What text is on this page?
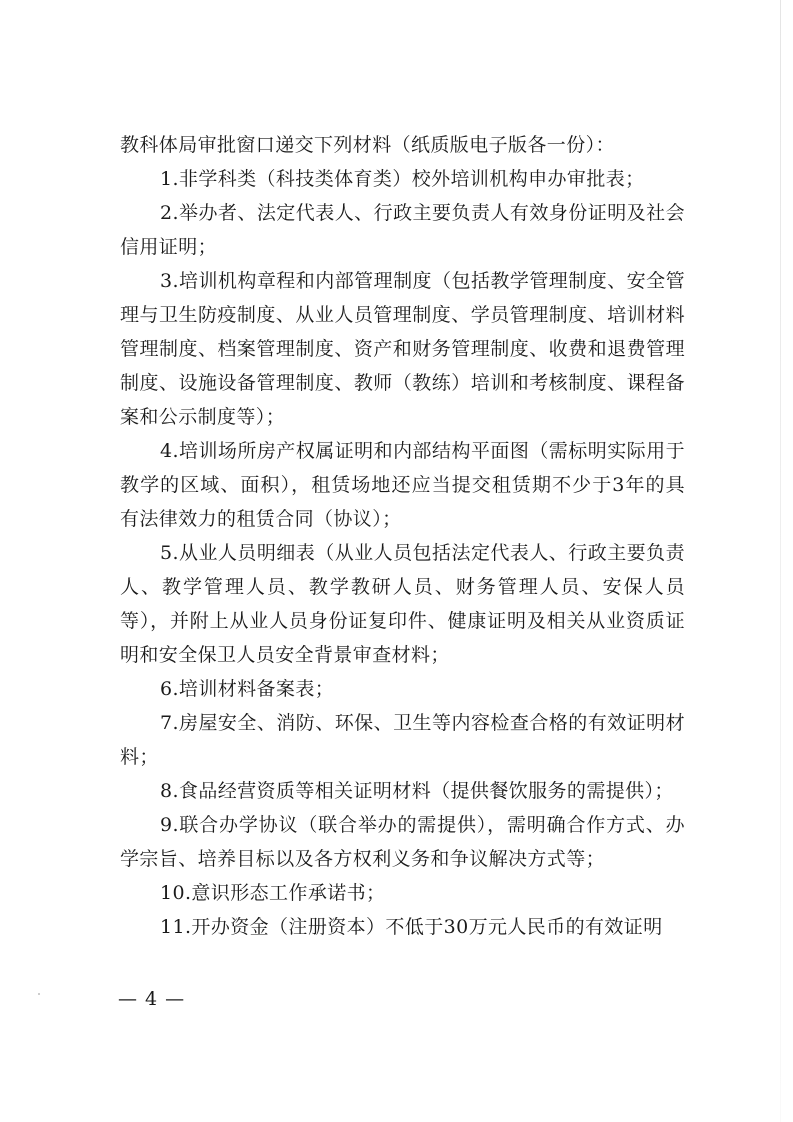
教科体局审批窗口递交下列材料（纸质版电子版各一份）：

1.非学科类（科技类体育类）校外培训机构申办审批表；

2.举办者、法定代表人、行政主要负责人有效身份证明及社会信用证明；

3.培训机构章程和内部管理制度（包括教学管理制度、安全管理与卫生防疫制度、从业人员管理制度、学员管理制度、培训材料管理制度、档案管理制度、资产和财务管理制度、收费和退费管理制度、设施设备管理制度、教师（教练）培训和考核制度、课程备案和公示制度等）；

4.培训场所房产权属证明和内部结构平面图（需标明实际用于教学的区域、面积），租赁场地还应当提交租赁期不少于3年的具有法律效力的租赁合同（协议）；

5.从业人员明细表（从业人员包括法定代表人、行政主要负责人、教学管理人员、教学教研人员、财务管理人员、安保人员等），并附上从业人员身份证复印件、健康证明及相关从业资质证明和安全保卫人员安全背景审查材料；

6.培训材料备案表；

7.房屋安全、消防、环保、卫生等内容检查合格的有效证明材料；

8.食品经营资质等相关证明材料（提供餐饮服务的需提供）；

9.联合办学协议（联合举办的需提供），需明确合作方式、办学宗旨、培养目标以及各方权利义务和争议解决方式等；

10.意识形态工作承诺书；

11.开办资金（注册资本）不低于30万元人民币的有效证明

— 4 —
